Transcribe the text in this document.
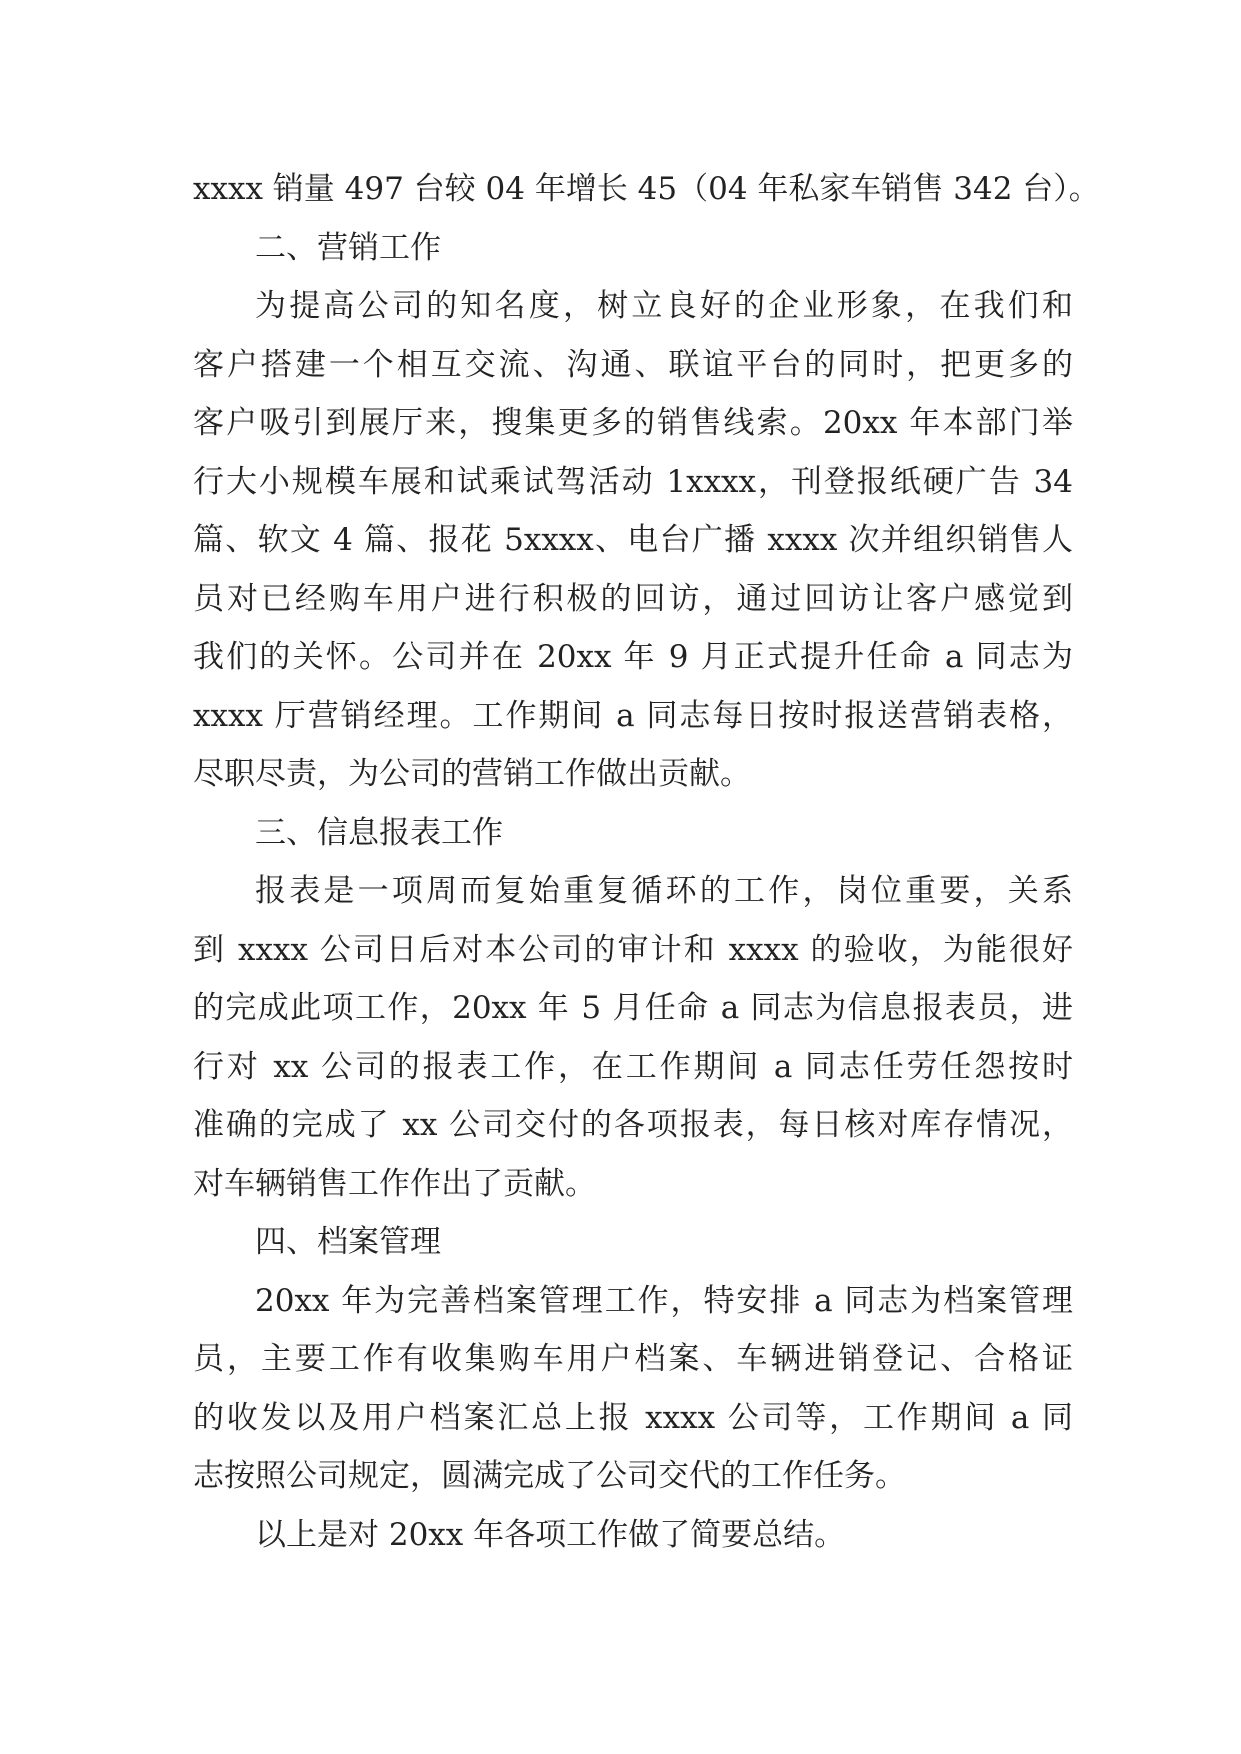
xxxx 销量 497 台较 04 年增长 45（04 年私家车销售 342 台）。
二、营销工作
为提高公司的知名度，树立良好的企业形象，在我们和
客户搭建一个相互交流、沟通、联谊平台的同时，把更多的
客户吸引到展厅来，搜集更多的销售线索。20xx 年本部门举
行大小规模车展和试乘试驾活动 1xxxx，刊登报纸硬广告 34
篇、软文 4 篇、报花 5xxxx、电台广播 xxxx 次并组织销售人
员对已经购车用户进行积极的回访，通过回访让客户感觉到
我们的关怀。公司并在 20xx 年 9 月正式提升任命 a 同志为
xxxx 厅营销经理。工作期间 a 同志每日按时报送营销表格，
尽职尽责，为公司的营销工作做出贡献。
三、信息报表工作
报表是一项周而复始重复循环的工作，岗位重要，关系
到 xxxx 公司日后对本公司的审计和 xxxx 的验收，为能很好
的完成此项工作，20xx 年 5 月任命 a 同志为信息报表员，进
行对 xx 公司的报表工作，在工作期间 a 同志任劳任怨按时
准确的完成了 xx 公司交付的各项报表，每日核对库存情况，
对车辆销售工作作出了贡献。
四、档案管理
20xx 年为完善档案管理工作，特安排 a 同志为档案管理
员，主要工作有收集购车用户档案、车辆进销登记、合格证
的收发以及用户档案汇总上报 xxxx 公司等，工作期间 a 同
志按照公司规定，圆满完成了公司交代的工作任务。
以上是对 20xx 年各项工作做了简要总结。
